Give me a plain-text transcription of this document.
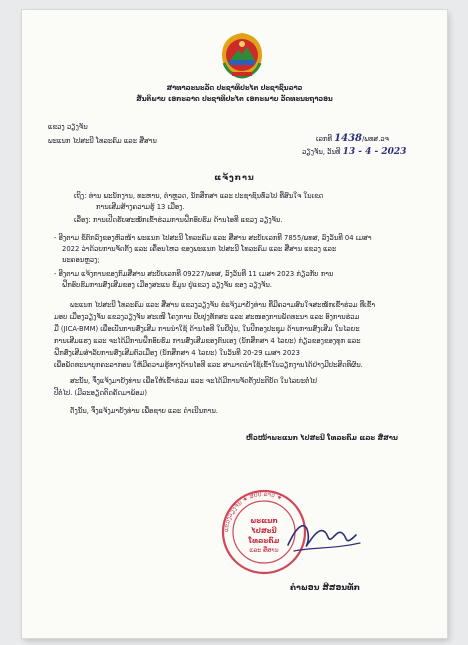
ສາທາລະນະລັດ ປະຊາທິປະໄຕ ປະຊາຊົນລາວ
ສັນຕິພາບ ເອກະລາດ ປະຊາທິປະໄຕ ເອກະພາບ ວັດທະນະຖາວອນ
ແຂວງ ວຽງຈັນ
ພະແນກ ໄປສະນີ ໂທລະຄົມ ແລະ ສື່ສານ	ເລກທີ 1438/ພທສ.ວຈ
ວຽງຈັນ, ວັນທີ 13 - 4 - 2023
ແຈ້ງການ
ເຖິງ: ທ່ານ ພະນັກງານ, ທະຫານ, ຕຳຫຼວດ, ນັກສຶກສາ ແລະ ປະຊາຊົນທົ່ວໄປ ທີ່ສົນໃຈ ໃນເຂດ
ການເສີມສ້າງຄວາມຮູ້ 13 ເມືອງ.
ເລື່ອງ: ການເປີດຮັບສະໝັກເຂົ້າຮ່ວມການຝຶກອົບຮົມ ດ້ານໄອທີ ແຂວງ ວຽງຈັນ.
- ອີງຕາມ ຂໍ້ຕົກລົງຂອງຫົວໜ້າ ພະແນກ ໄປສະນີ ໂທລະຄົມ ແລະ ສື່ສານ ສະບັບເລກທີ 7855/ພທສ, ລົງວັນທີ 04 ເມສາ
2022 ວ່າດ້ວຍການຈັດຕັ້ງ ແລະ ເຄື່ອນໄຫວ ຂອງພະແນກ ໄປສະນີ ໂທລະຄົມ ແລະ ສື່ສານ ແຂວງ ແລະ
ນະຄອນຫຼວງ;
- ອີງຕາມ ແຈ້ງການຂອງກົມສື່ສານ ສະບັບເລກທີ 09227/ພທສ, ລົງວັນທີ 11 ເມສາ 2023 ກ່ຽວກັບ ການ
ຝຶກອົບຮົມການສົ່ງເສີມຂອງ ເມືອງສະແນ ຂໍ້ມູນ ຢູ່ແຂວງ ວຽງຈັນ ຂອງ ວຽງຈັນ.
ພະແນກ ໄປສະນີ ໂທລະຄົມ ແລະ ສື່ສານ ແຂວງວຽງຈັນ ຂໍແຈ້ງມາຍັງທ່ານ ທີ່ມີຄວາມສົນໃຈສະໝັກເຂົ້າຮ່ວມ ທີ່ເຂົ້າ
ມອບ ເມືອງວຽງຈັນ ແຂວງວຽງຈັນ ສະເໜີ ໂຄງການ ປັບປຸງທັກສະ ແລະ ສະໜອງການພັດທະນາ ແລະ ອົງການຮ່ວມ
ມື (JICA-BMM) ເພື່ອເປັນການສົ່ງເສີມ ການນຳໃຊ້ ດ້ານໄອທີ ໃນຍີ່ປຸ່ນ, ໃນປີກອງປະຊຸມ ດ້ານການສົ່ງເສີມ ໃນໄລຍະ
ການເສີມແຮງ ແລະ ຈະໄດ້ມີການຝຶກອົບຮົມ ການສົ່ງເສີມຂອງຕົນເອງ (ນັກສຶກສາ 4 ໄລຍະ) ກ່ຽວຂອງຂອງທຸກ ແລະ
ຝຶກສົ່ງເສີມສຳລັບການສົ່ງເສີມຕົວເມືອງ (ນັກສຶກສາ 4 ໄລຍະ) ໃນວັນທີ 20-29 ເມສາ 2023
ເພື່ອພັດທະນາບຸກຄະລາກອນ ໃຫ້ມີຄວາມຮູ້ທາງດ້ານໄອທີ ແລະ ສາມາດນຳໃຊ້ເຂົ້າໃນວຽກງານໄດ້ຢ່າງມີປະສິດທິຜົນ.
ສະນັ້ນ, ຈຶ່ງແຈ້ງມາຍັງທ່ານ ເພື່ອໃຫ້ເຂົ້າຮ່ວມ ແລະ ຈະໄດ້ມີການຈັດຕັ້ງປະຕິບັດ ໃນໄລຍະຕໍ່ໄປ
ປີຕໍ່ໄປ. (ມີລະອຽດຕິດຄັດມາພ້ອມ)
ດັ່ງນັ້ນ, ຈຶ່ງແຈ້ງມາຍັງທ່ານ ເພື່ອຊາບ ແລະ ດຳເນີນການ.
ຫົວໜ້າພະແນກ ໄປສະນີ ໂທລະຄົມ ແລະ ສື່ສານ
ແຂວງວຽງຈັນ ★ ສປປ ລາວ ★
ພະແນກ
ໄປສະນີ
ໂທລະຄົມ
ແລະ ສື່ສານ
ຄຳພອນ ສີສອນທັກ
